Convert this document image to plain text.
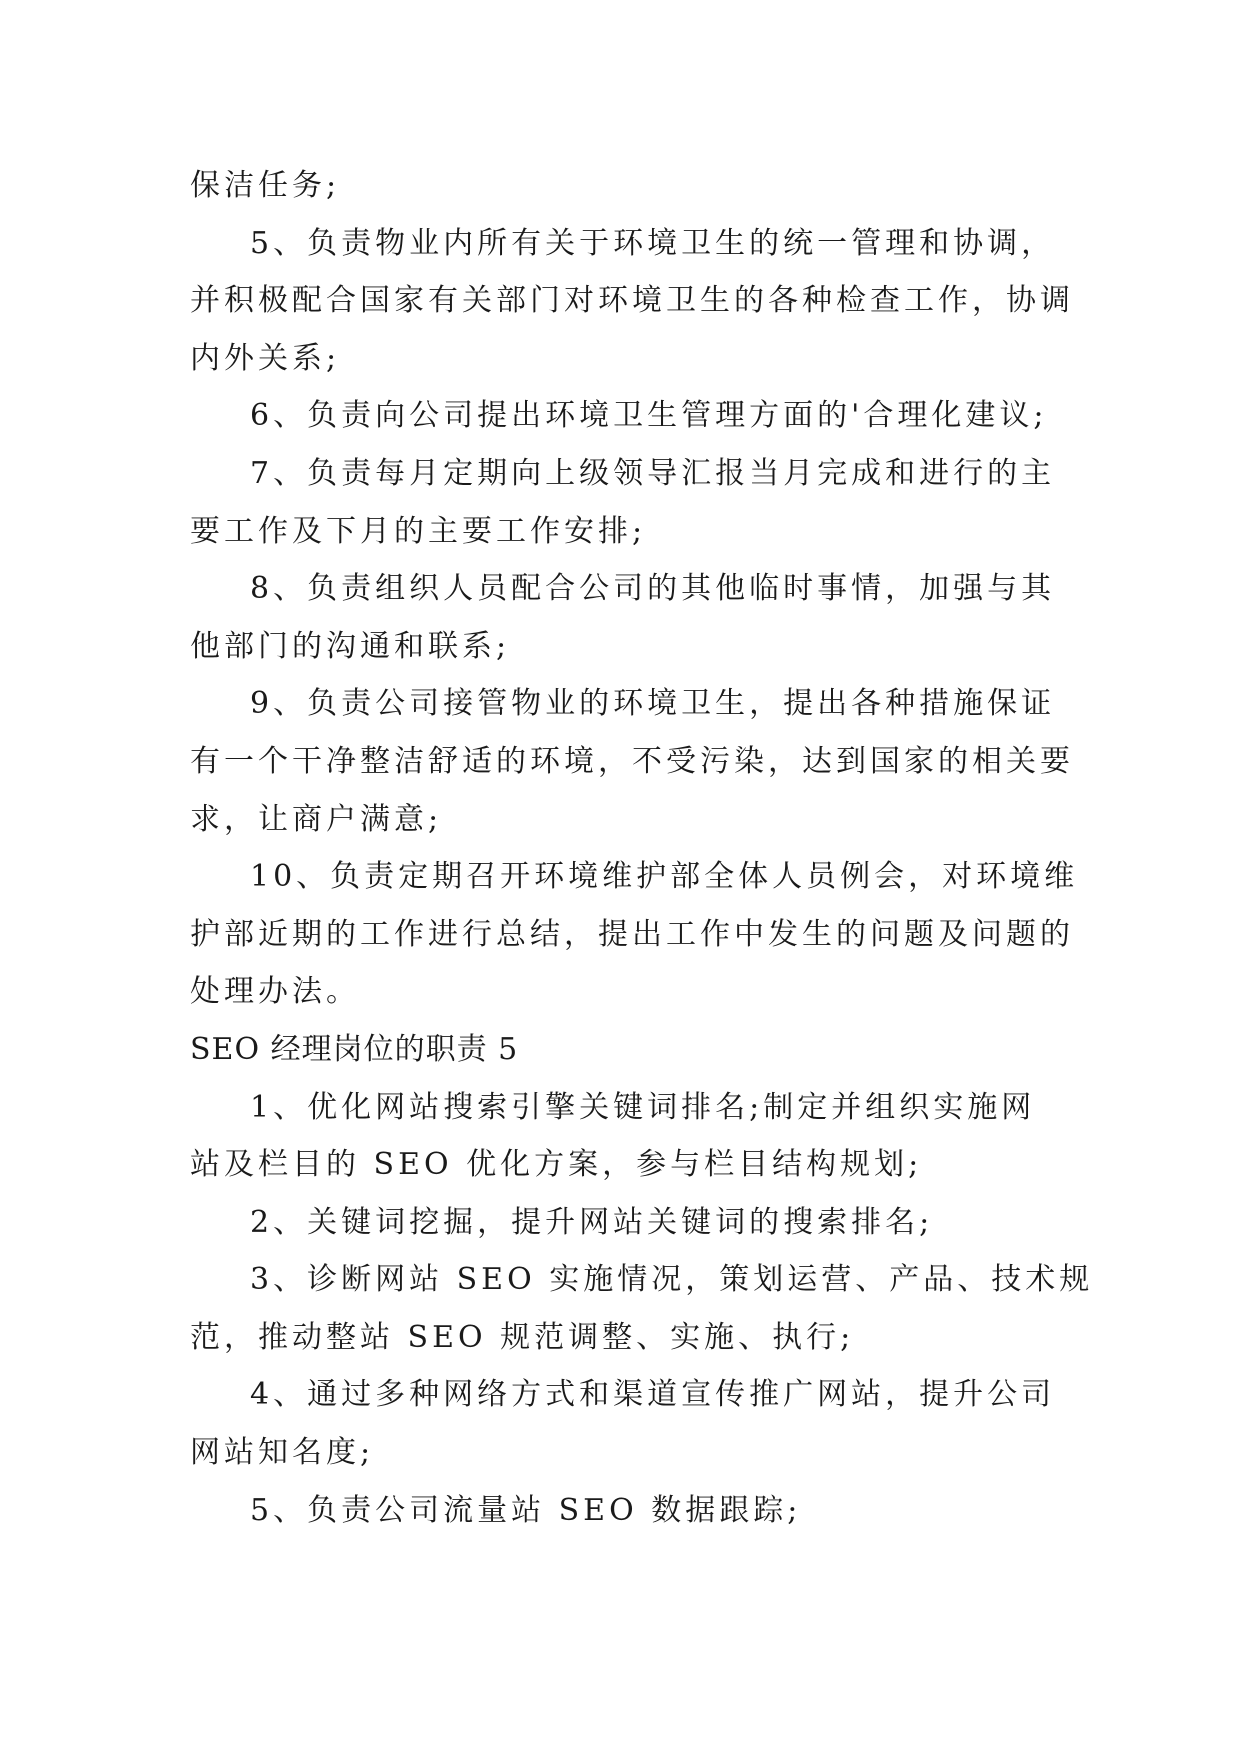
保洁任务;
5、负责物业内所有关于环境卫生的统一管理和协调，
并积极配合国家有关部门对环境卫生的各种检查工作，协调
内外关系;
6、负责向公司提出环境卫生管理方面的'合理化建议;
7、负责每月定期向上级领导汇报当月完成和进行的主
要工作及下月的主要工作安排;
8、负责组织人员配合公司的其他临时事情，加强与其
他部门的沟通和联系;
9、负责公司接管物业的环境卫生，提出各种措施保证
有一个干净整洁舒适的环境，不受污染，达到国家的相关要
求，让商户满意;
10、负责定期召开环境维护部全体人员例会，对环境维
护部近期的工作进行总结，提出工作中发生的问题及问题的
处理办法。
SEO 经理岗位的职责 5
1、优化网站搜索引擎关键词排名;制定并组织实施网
站及栏目的 SEO 优化方案，参与栏目结构规划;
2、关键词挖掘，提升网站关键词的搜索排名;
3、诊断网站 SEO 实施情况，策划运营、产品、技术规
范，推动整站 SEO 规范调整、实施、执行;
4、通过多种网络方式和渠道宣传推广网站，提升公司
网站知名度;
5、负责公司流量站 SEO 数据跟踪;
